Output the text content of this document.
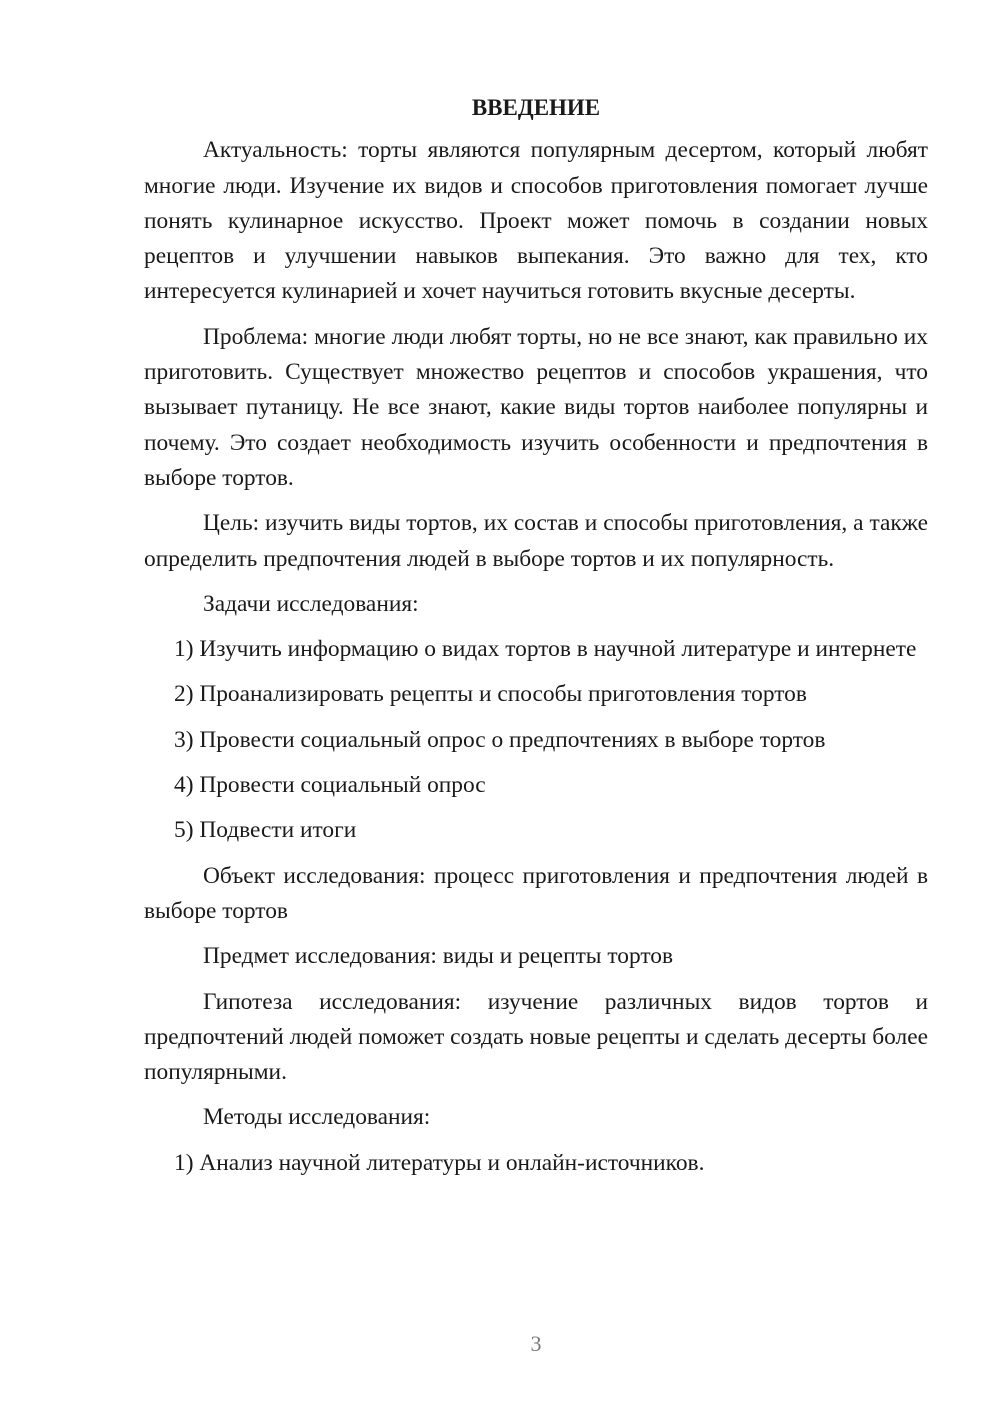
ВВЕДЕНИЕ

Актуальность: торты являются популярным десертом, который любят многие люди. Изучение их видов и способов приготовления помогает лучше понять кулинарное искусство. Проект может помочь в создании новых рецептов и улучшении навыков выпекания. Это важно для тех, кто интересуется кулинарией и хочет научиться готовить вкусные десерты.

Проблема: многие люди любят торты, но не все знают, как правильно их приготовить. Существует множество рецептов и способов украшения, что вызывает путаницу. Не все знают, какие виды тортов наиболее популярны и почему. Это создает необходимость изучить особенности и предпочтения в выборе тортов.

Цель: изучить виды тортов, их состав и способы приготовления, а также определить предпочтения людей в выборе тортов и их популярность.

Задачи исследования:

1) Изучить информацию о видах тортов в научной литературе и интернете

2) Проанализировать рецепты и способы приготовления тортов

3) Провести социальный опрос о предпочтениях в выборе тортов

4) Провести социальный опрос

5) Подвести итоги

Объект исследования: процесс приготовления и предпочтения людей в выборе тортов

Предмет исследования: виды и рецепты тортов

Гипотеза исследования: изучение различных видов тортов и предпочтений людей поможет создать новые рецепты и сделать десерты более популярными.

Методы исследования:

1) Анализ научной литературы и онлайн-источников.

3
